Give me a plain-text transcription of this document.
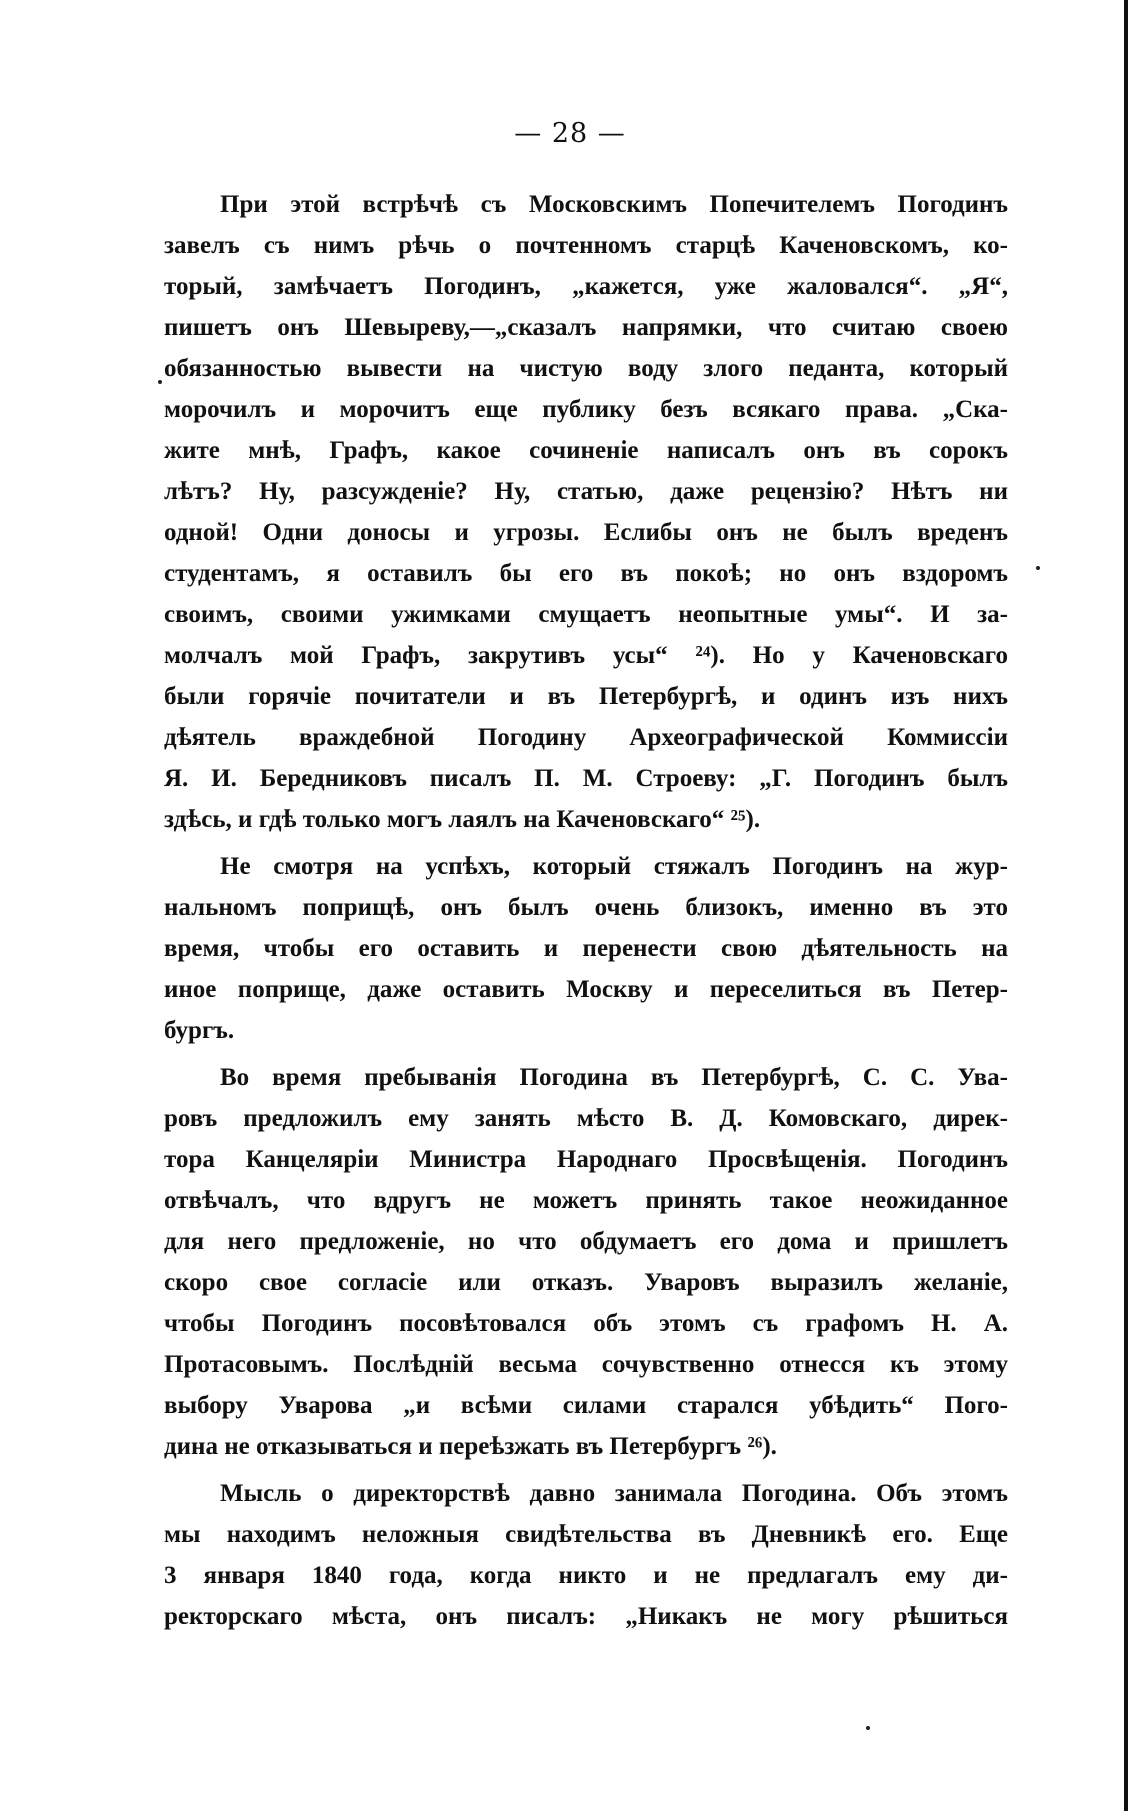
— 28 —
При этой встрѣчѣ съ Московскимъ Попечителемъ Погодинъ
завелъ съ нимъ рѣчь о почтенномъ старцѣ Каченовскомъ, ко-
торый, замѣчаетъ Погодинъ, „кажется, уже жаловался“. „Я“,
пишетъ онъ Шевыреву,—„сказалъ напрямки, что считаю своею
обязанностью вывести на чистую воду злого педанта, который
морочилъ и морочитъ еще публику безъ всякаго права. „Ска-
жите мнѣ, Графъ, какое сочиненіе написалъ онъ въ сорокъ
лѣтъ? Ну, разсужденіе? Ну, статью, даже рецензію? Нѣтъ ни
одной! Одни доносы и угрозы. Еслибы онъ не былъ вреденъ
студентамъ, я оставилъ бы его въ покоѣ; но онъ вздоромъ
своимъ, своими ужимками смущаетъ неопытные умы“. И за-
молчалъ мой Графъ, закрутивъ усы“ ²⁴). Но у Каченовскаго
были горячіе почитатели и въ Петербургѣ, и одинъ изъ нихъ
дѣятель враждебной Погодину Археографической Коммиссіи
Я. И. Бередниковъ писалъ П. М. Строеву: „Г. Погодинъ былъ
здѣсь, и гдѣ только могъ лаялъ на Каченовскаго“ ²⁵).
Не смотря на успѣхъ, который стяжалъ Погодинъ на жур-
нальномъ поприщѣ, онъ былъ очень близокъ, именно въ это
время, чтобы его оставить и перенести свою дѣятельность на
иное поприще, даже оставить Москву и переселиться въ Петер-
бургъ.
Во время пребыванія Погодина въ Петербургѣ, С. С. Ува-
ровъ предложилъ ему занять мѣсто В. Д. Комовскаго, дирек-
тора Канцеляріи Министра Народнаго Просвѣщенія. Погодинъ
отвѣчалъ, что вдругъ не можетъ принять такое неожиданное
для него предложеніе, но что обдумаетъ его дома и пришлетъ
скоро свое согласіе или отказъ. Уваровъ выразилъ желаніе,
чтобы Погодинъ посовѣтовался объ этомъ съ графомъ Н. А.
Протасовымъ. Послѣдній весьма сочувственно отнесся къ этому
выбору Уварова „и всѣми силами старался убѣдить“ Пого-
дина не отказываться и переѣзжать въ Петербургъ ²⁶).
Мысль о директорствѣ давно занимала Погодина. Объ этомъ
мы находимъ неложныя свидѣтельства въ Дневникѣ его. Еще
3 января 1840 года, когда никто и не предлагалъ ему ди-
ректорскаго мѣста, онъ писалъ: „Никакъ не могу рѣшиться
